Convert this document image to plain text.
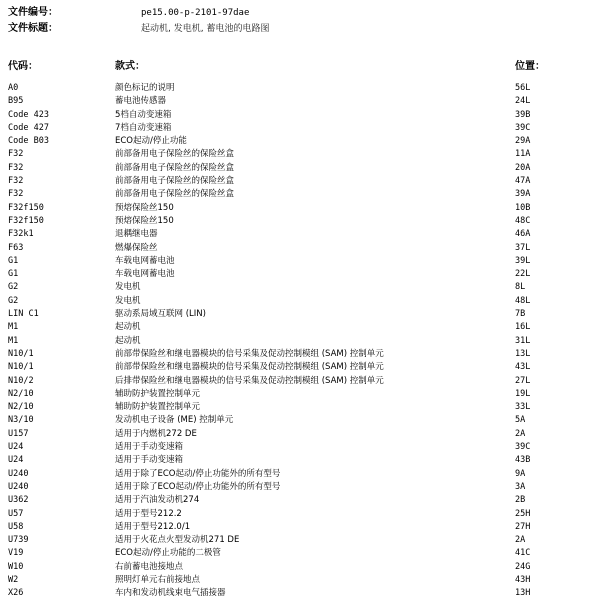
文件编号：	pe15.00-p-2101-97dae
文件标题：	起动机, 发电机, 蓄电池的电路图
代码：	款式：	位置：
A0	颜色标记的说明	56L
B95	蓄电池传感器	24L
Code 423	5档自动变速箱	39B
Code 427	7档自动变速箱	39C
Code B03	ECO起动/停止功能	29A
F32	前部备用电子保险丝的保险丝盒	11A
F32	前部备用电子保险丝的保险丝盒	20A
F32	前部备用电子保险丝的保险丝盒	47A
F32	前部备用电子保险丝的保险丝盒	39A
F32f150	预熔保险丝150	10B
F32f150	预熔保险丝150	48C
F32k1	退耦继电器	46A
F63	燃爆保险丝	37L
G1	车载电网蓄电池	39L
G1	车载电网蓄电池	22L
G2	发电机	8L
G2	发电机	48L
LIN C1	驱动系局域互联网 (LIN)	7B
M1	起动机	16L
M1	起动机	31L
N10/1	前部带保险丝和继电器模块的信号采集及促动控制模组 (SAM) 控制单元	13L
N10/1	前部带保险丝和继电器模块的信号采集及促动控制模组 (SAM) 控制单元	43L
N10/2	后排带保险丝和继电器模块的信号采集及促动控制模组 (SAM) 控制单元	27L
N2/10	辅助防护装置控制单元	19L
N2/10	辅助防护装置控制单元	33L
N3/10	发动机电子设备 (ME) 控制单元	5A
U157	适用于内燃机272 DE	2A
U24	适用于手动变速箱	39C
U24	适用于手动变速箱	43B
U240	适用于除了ECO起动/停止功能外的所有型号	9A
U240	适用于除了ECO起动/停止功能外的所有型号	3A
U362	适用于汽油发动机274	2B
U57	适用于型号212.2	25H
U58	适用于型号212.0/1	27H
U739	适用于火花点火型发动机271 DE	2A
V19	ECO起动/停止功能的二极管	41C
W10	右前蓄电池接地点	24G
W2	照明灯单元右前接地点	43H
X26	车内和发动机线束电气插接器	13H
